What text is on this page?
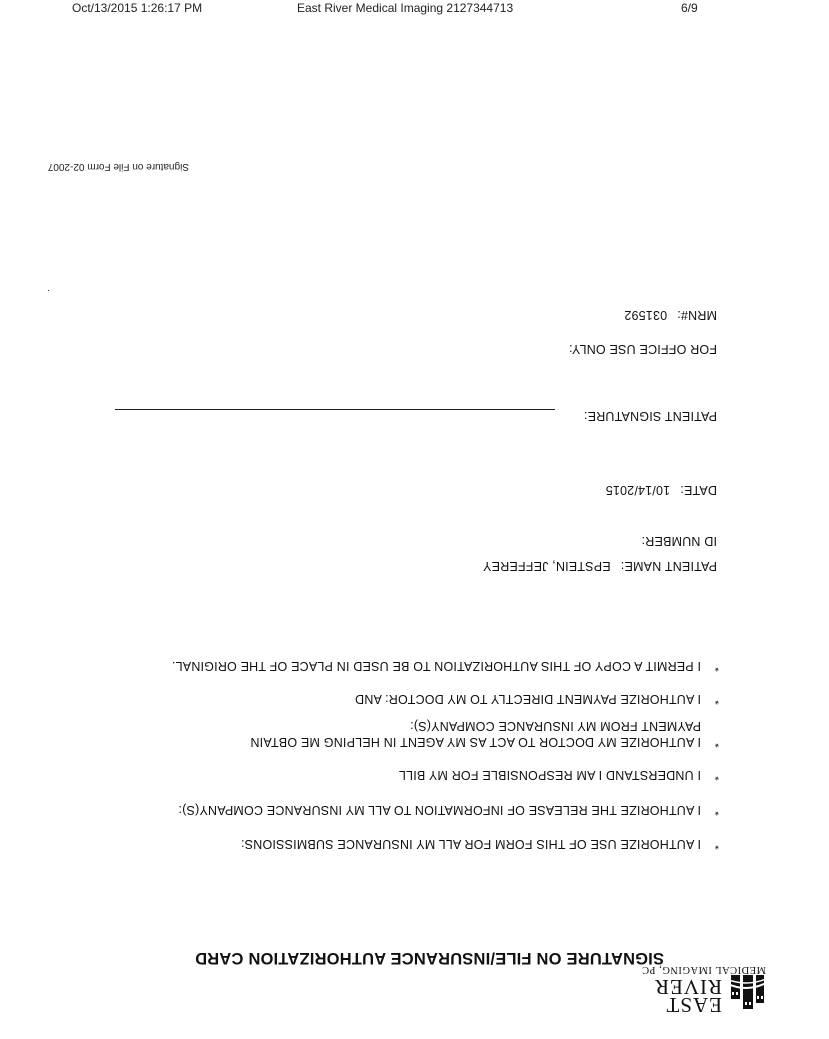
Oct/13/2015 1:26:17 PM	East River Medical Imaging 2127344713	6/9
EAST
RIVER
MEDICAL IMAGING, PC
SIGNATURE ON FILE/INSURANCE AUTHORIZATION CARD
*I AUTHORIZE USE OF THIS FORM FOR ALL MY INSURANCE SUBMISSIONS:
*I AUTHORIZE THE RELEASE OF INFORMATION TO ALL MY INSURANCE COMPANY(S):
*I UNDERSTAND I AM RESPONSIBLE FOR MY BILL
*I AUTHORIZE MY DOCTOR TO ACT AS MY AGENT IN HELPING ME OBTAIN
PAYMENT FROM MY INSURANCE COMPANY(S):
*I AUTHORIZE PAYMENT DIRECTLY TO MY DOCTOR: AND
*I PERMIT A COPY OF THIS AUTHORIZATION TO BE USED IN PLACE OF THE ORIGINAL.
PATIENT NAME:EPSTEIN, JEFFEREY
ID NUMBER:
DATE:10/14/2015
PATIENT SIGNATURE:
FOR OFFICE USE ONLY:
MRN#:031592
Signature on File Form 02-2007
